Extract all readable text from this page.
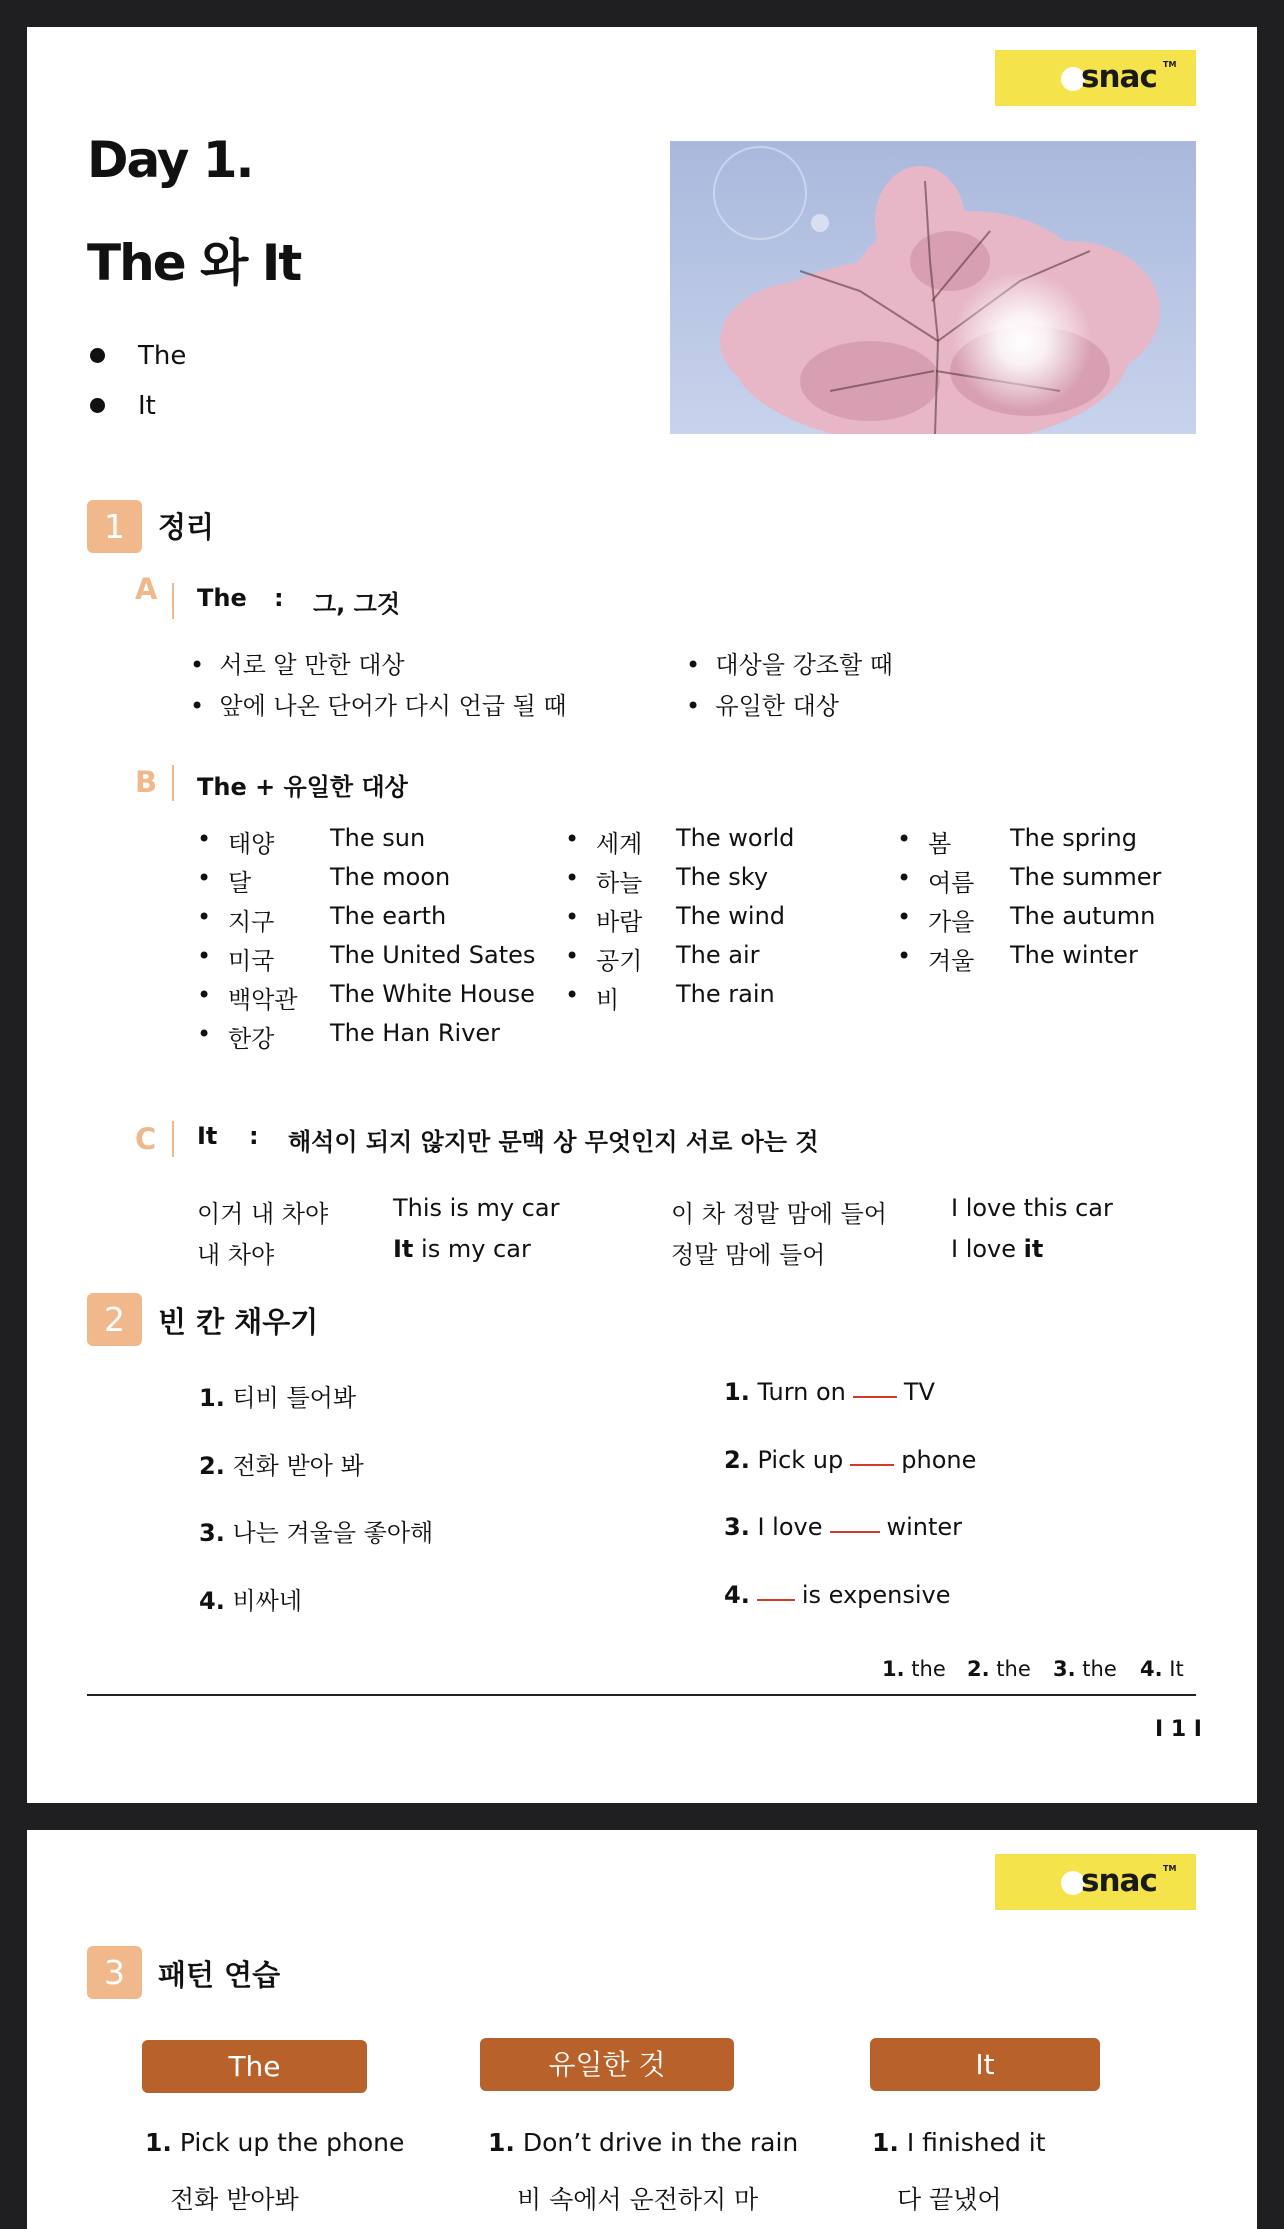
snac TM
Day 1.
The 와 It
The
It
1	정리
A The : 그, 그것
•  서로 알 만한 대상
•  앞에 나온 단어가 다시 언급 될 때
•  대상을 강조할 때
•  유일한 대상
B The + 유일한 대상
• 태양 The sun
• 달	The moon
• 지구 The earth
• 미국 The United Sates
• 백악관 The White House
• 한강 The Han River
• 세계 The world
• 하늘 The sky
• 바람 The wind
• 공기 The air
• 비 The rain
• 봄 The spring
• 여름 The summer
• 가을 The autumn
• 겨울 The winter
C It : 해석이 되지 않지만 문맥 상 무엇인지 서로 아는 것
이거 내 차야	This is my car	이 차 정말 맘에 들어	I love this car
내 차야	It is my car	정말 맘에 들어	I love it
2	빈 칸 채우기
1. 티비 틀어봐
2. 전화 받아 봐
3. 나는 겨울을 좋아해
4. 비싸네
1. Turn on TV
2. Pick up phone
3. I love	winter
4. is expensive
1. the 2. the 3. the 4. It
I 1 I
snac TM
3	패턴 연습
The	유일한 것	It
1. Pick up the phone
전화 받아봐
1. Don’t drive in the rain
비 속에서 운전하지 마
1. I finished it
다 끝냈어
